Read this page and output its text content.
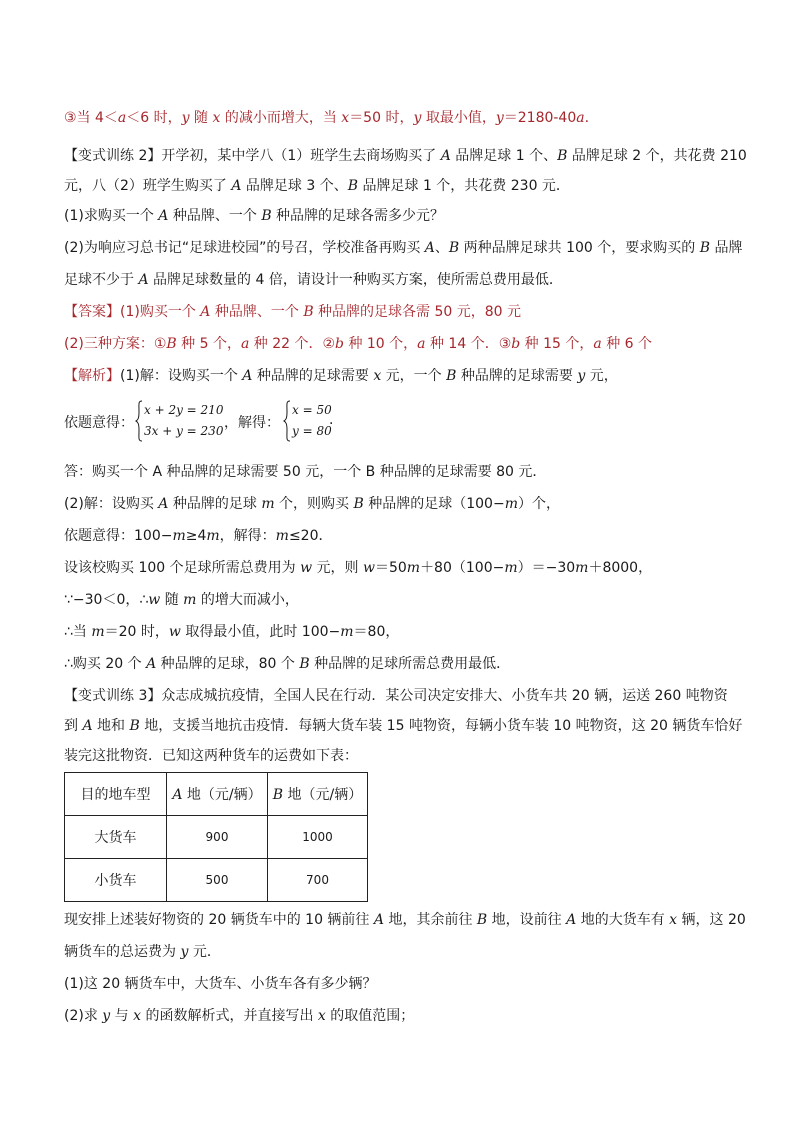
③当 4＜a＜6 时，y 随 x 的减小而增大，当 x＝50 时，y 取最小值，y＝2180-40a.
【变式训练 2】开学初，某中学八（1）班学生去商场购买了 A 品牌足球 1 个、B 品牌足球 2 个，共花费 210
元，八（2）班学生购买了 A 品牌足球 3 个、B 品牌足球 1 个，共花费 230 元．
(1)求购买一个 A 种品牌、一个 B 种品牌的足球各需多少元？
(2)为响应习总书记“足球进校园”的号召，学校准备再购买 A、B 两种品牌足球共 100 个，要求购买的 B 品牌
足球不少于 A 品牌足球数量的 4 倍，请设计一种购买方案，使所需总费用最低．
【答案】(1)购买一个 A 种品牌、一个 B 种品牌的足球各需 50 元，80 元
(2)三种方案：①B 种 5 个，a 种 22 个．②b 种 10 个，a 种 14 个．③b 种 15 个，a 种 6 个
【解析】(1)解：设购买一个 A 种品牌的足球需要 x 元，一个 B 种品牌的足球需要 y 元，
依题意得：
x + 2y = 210
3x + y = 230 ，解得：
x = 50
y = 80
.
答：购买一个 A 种品牌的足球需要 50 元，一个 B 种品牌的足球需要 80 元．
(2)解：设购买 A 种品牌的足球 m 个，则购买 B 种品牌的足球（100−m）个，
依题意得：100−m≥4m，解得：m≤20．
设该校购买 100 个足球所需总费用为 w 元，则 w＝50m＋80（100−m）＝−30m＋8000，
∵−30＜0，∴w 随 m 的增大而减小，
∴当 m＝20 时，w 取得最小值，此时 100−m＝80，
∴购买 20 个 A 种品牌的足球，80 个 B 种品牌的足球所需总费用最低．
【变式训练 3】众志成城抗疫情，全国人民在行动．某公司决定安排大、小货车共 20 辆，运送 260 吨物资
到 A 地和 B 地，支援当地抗击疫情．每辆大货车装 15 吨物资，每辆小货车装 10 吨物资，这 20 辆货车恰好
装完这批物资．已知这两种货车的运费如下表：
目的地车型	A 地（元/辆）	B 地（元/辆）
大货车	900	1000
小货车	500	700
现安排上述装好物资的 20 辆货车中的 10 辆前往 A 地，其余前往 B 地，设前往 A 地的大货车有 x 辆，这 20
辆货车的总运费为 y 元．
(1)这 20 辆货车中，大货车、小货车各有多少辆？
(2)求 y 与 x 的函数解析式，并直接写出 x 的取值范围；
